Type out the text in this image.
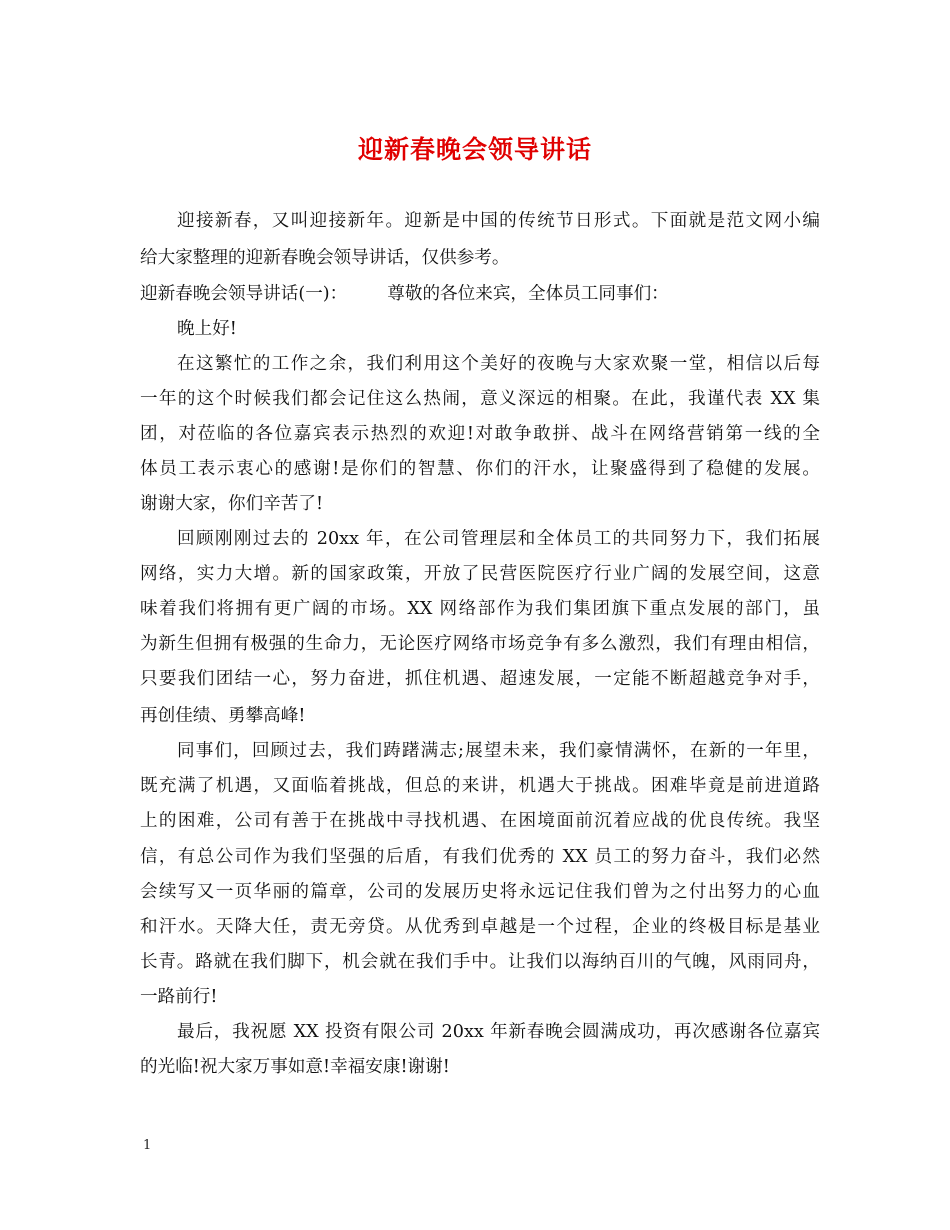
迎新春晚会领导讲话
迎接新春，又叫迎接新年。迎新是中国的传统节日形式。下面就是范文网小编
给大家整理的迎新春晚会领导讲话，仅供参考。
迎新春晚会领导讲话(一)： 尊敬的各位来宾，全体员工同事们：
晚上好!
在这繁忙的工作之余，我们利用这个美好的夜晚与大家欢聚一堂，相信以后每
一年的这个时候我们都会记住这么热闹，意义深远的相聚。在此，我谨代表 XX 集
团，对莅临的各位嘉宾表示热烈的欢迎!对敢争敢拼、战斗在网络营销第一线的全
体员工表示衷心的感谢!是你们的智慧、你们的汗水，让聚盛得到了稳健的发展。
谢谢大家，你们辛苦了!
回顾刚刚过去的 20xx 年，在公司管理层和全体员工的共同努力下，我们拓展
网络，实力大增。新的国家政策，开放了民营医院医疗行业广阔的发展空间，这意
味着我们将拥有更广阔的市场。XX 网络部作为我们集团旗下重点发展的部门，虽
为新生但拥有极强的生命力，无论医疗网络市场竞争有多么激烈，我们有理由相信，
只要我们团结一心，努力奋进，抓住机遇、超速发展，一定能不断超越竞争对手，
再创佳绩、勇攀高峰!
同事们，回顾过去，我们踌躇满志;展望未来，我们豪情满怀，在新的一年里，
既充满了机遇，又面临着挑战，但总的来讲，机遇大于挑战。困难毕竟是前进道路
上的困难，公司有善于在挑战中寻找机遇、在困境面前沉着应战的优良传统。我坚
信，有总公司作为我们坚强的后盾，有我们优秀的 XX 员工的努力奋斗，我们必然
会续写又一页华丽的篇章，公司的发展历史将永远记住我们曾为之付出努力的心血
和汗水。天降大任，责无旁贷。从优秀到卓越是一个过程，企业的终极目标是基业
长青。路就在我们脚下，机会就在我们手中。让我们以海纳百川的气魄，风雨同舟，
一路前行!
最后，我祝愿 XX 投资有限公司 20xx 年新春晚会圆满成功，再次感谢各位嘉宾
的光临!祝大家万事如意!幸福安康!谢谢!
1
